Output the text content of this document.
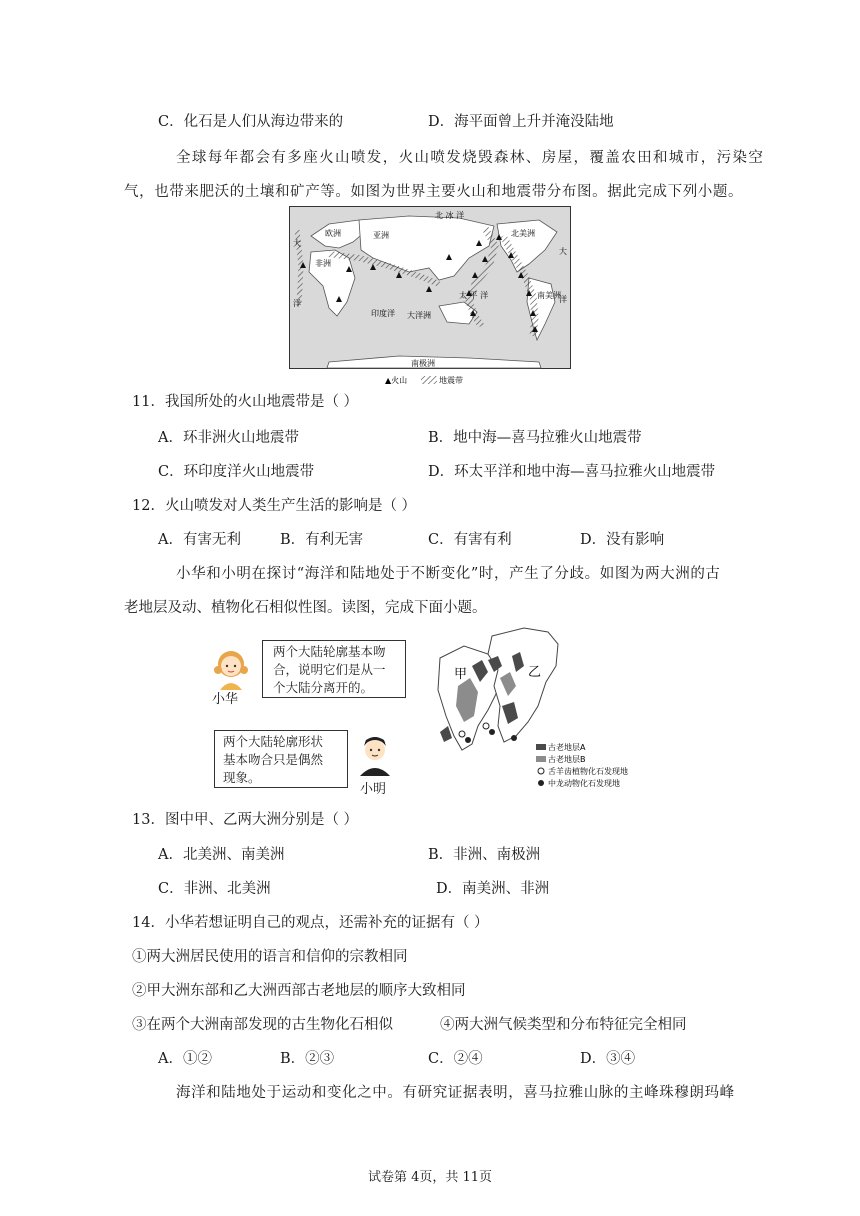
C．化石是人们从海边带来的	D．海平面曾上升并淹没陆地
全球每年都会有多座火山喷发，火山喷发烧毁森林、房屋，覆盖农田和城市，污染空
气，也带来肥沃的土壤和矿产等。如图为世界主要火山和地震带分布图。据此完成下列小题。
北 冰 洋
亚洲
欧洲
非洲
北美洲
南美洲
太 平 洋
印度洋 大洋洲
大
洋
大
洋
南极洲
▲火山	地震带
11．我国所处的火山地震带是（ ）
A．环非洲火山地震带	B．地中海—喜马拉雅火山地震带
C．环印度洋火山地震带	D．环太平洋和地中海—喜马拉雅火山地震带
12．火山喷发对人类生产生活的影响是（ ）
A．有害无利	B．有利无害	C．有害有利	D．没有影响
小华和小明在探讨“海洋和陆地处于不断变化”时，产生了分歧。如图为两大洲的古
老地层及动、植物化石相似性图。读图，完成下面小题。
小华
两个大陆轮廓基本吻
合，说明它们是从一
个大陆分离开的。
两个大陆轮廓形状
基本吻合只是偶然
现象。
小明
甲	乙
古老地层A
古老地层B
舌羊齿植物化石发现地
中龙动物化石发现地
13．图中甲、乙两大洲分别是（ ）
A．北美洲、南美洲	B．非洲、南极洲
C．非洲、北美洲	D．南美洲、非洲
14．小华若想证明自己的观点，还需补充的证据有（ ）
①两大洲居民使用的语言和信仰的宗教相同
②甲大洲东部和乙大洲西部古老地层的顺序大致相同
③在两个大洲南部发现的古生物化石相似	④两大洲气候类型和分布特征完全相同
A．①②	B．②③	C．②④	D．③④
海洋和陆地处于运动和变化之中。有研究证据表明，喜马拉雅山脉的主峰珠穆朗玛峰
试卷第 4页，共 11页
